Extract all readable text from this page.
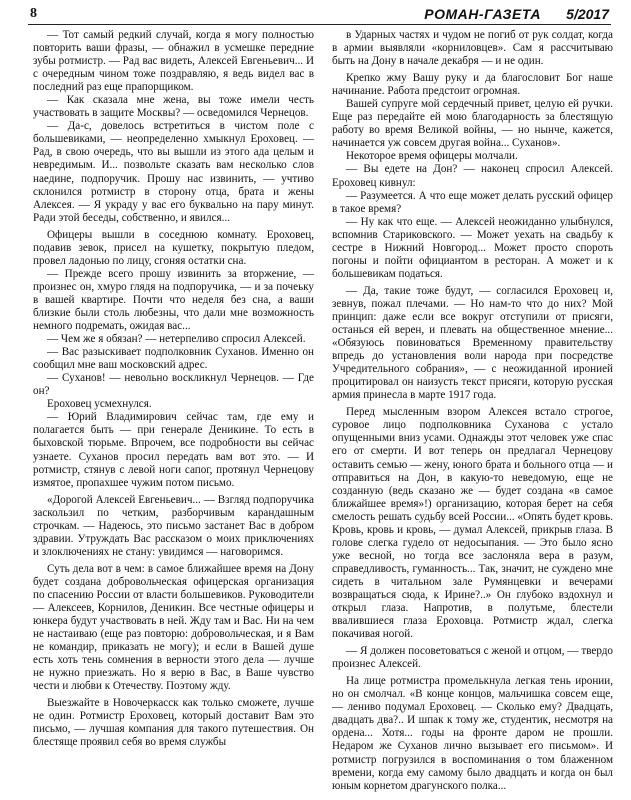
8	РОМАН-ГАЗЕТА 5/2017

— Тот самый редкий случай, когда я могу полностью повторить ваши фразы, — обнажил в усмешке передние зубы ротмистр. — Рад вас видеть, Алексей Евгеньевич... И с очередным чином тоже поздравляю, я ведь видел вас в последний раз еще прапорщиком.

— Как сказала мне жена, вы тоже имели честь участвовать в защите Москвы? — осведомился Чернецов.

— Да-с, довелось встретиться в чистом поле с большевиками, — неопределенно хмыкнул Ероховец. — Рад, в свою очередь, что вы вышли из этого ада целым и невредимым. И... позвольте сказать вам несколько слов наедине, подпоручик. Прошу нас извинить, — учтиво склонился ротмистр в сторону отца, брата и жены Алексея. — Я украду у вас его буквально на пару минут. Ради этой беседы, собственно, и явился...

Офицеры вышли в соседнюю комнату. Ероховец, подавив зевок, присел на кушетку, покрытую пледом, провел ладонью по лицу, сгоняя остатки сна.

— Прежде всего прошу извинить за вторжение, — произнес он, хмуро глядя на подпоручика, — и за почеьку в вашей квартире. Почти что неделя без сна, а ваши близкие были столь любезны, что дали мне возможность немного подремать, ожидая вас...

— Чем же я обязан? — нетерпеливо спросил Алексей.

— Вас разыскивает подполковник Суханов. Именно он сообщил мне ваш московский адрес.

— Суханов! — невольно воскликнул Чернецов. — Где он?

Ероховец усмехнулся.

— Юрий Владимирович сейчас там, где ему и полагается быть — при генерале Деникине. То есть в быховской тюрьме. Впрочем, все подробности вы сейчас узнаете. Суханов просил передать вам вот это. — И ротмистр, стянув с левой ноги сапог, протянул Чернецову измятое, пропахшее чужим потом письмо.

«Дорогой Алексей Евгеньевич... — Взгляд подпоручика заскользил по четким, разборчивым карандашным строчкам. — Надеюсь, это письмо застанет Вас в добром здравии. Утруждать Вас рассказом о моих приключениях и злоключениях не стану: увидимся — наговоримся.

Суть дела вот в чем: в самое ближайшее время на Дону будет создана добровольческая офицерская организация по спасению России от власти большевиков. Руководители — Алексеев, Корнилов, Деникин. Все честные офицеры и юнкера будут участвовать в ней. Жду там и Вас. Ни на чем не настаиваю (еще раз повторю: добровольческая, и я Вам не командир, приказать не могу); и если в Вашей душе есть хоть тень сомнения в верности этого дела — лучше не нужно приезжать. Но я верю в Вас, в Ваше чувство чести и любви к Отечеству. Поэтому жду.

Выезжайте в Новочеркасск как только сможете, лучше не один. Ротмистр Ероховец, который доставит Вам это письмо, — лучшая компания для такого путешествия. Он блестяще проявил себя во время службы

в Ударных частях и чудом не погиб от рук солдат, когда в армии выявляли «корниловцев». Сам я рассчитываю быть на Дону в начале декабря — и не один.

Крепко жму Вашу руку и да благословит Бог наше начинание. Работа предстоит огромная.

Вашей супруге мой сердечный привет, целую ей ручки. Еще раз передайте ей мою благодарность за блестящую работу во время Великой войны, — но нынче, кажется, начинается уж совсем другая война... Суханов».

Некоторое время офицеры молчали.

— Вы едете на Дон? — наконец спросил Алексей. Ероховец кивнул:

— Разумеется. А что еще может делать русский офицер в такое время?

— Ну как что еще. — Алексей неожиданно улыбнулся, вспомнив Стариковского. — Может уехать на свадьбу к сестре в Нижний Новгород... Может просто спороть погоны и пойти официантом в ресторан. А может и к большевикам податься.

— Да, такие тоже будут, — согласился Ероховец и, зевнув, пожал плечами. — Но нам-то что до них? Мой принцип: даже если все вокруг отступили от присяги, останься ей верен, и плевать на общественное мнение... «Обязуюсь повиноваться Временному правительству впредь до установления воли народа при посредстве Учредительного собрания», — с неожиданной иронией процитировал он наизусть текст присяги, которую русская армия принесла в марте 1917 года.

Перед мысленным взором Алексея встало строгое, суровое лицо подполковника Суханова с усталo опущенными вниз усами. Однажды этот человек уже спас его от смерти. И вот теперь он предлагал Чернецову оставить семью — жену, юного брата и больного отца — и отправиться на Дон, в какую-то неведомую, еще не созданную (ведь сказано же — будет создана «в самое ближайшее время»!) организацию, которая берет на себя смелость решать судьбу всей России... «Опять будет кровь. Кровь, кровь и кровь, — думал Алексей, прикрыв глаза. В голове слегка гудело от недосыпания. — Это было ясно уже весной, но тогда все заслоняла вера в разум, справедливость, гуманность... Так, значит, не суждено мне сидеть в читальном зале Румянцевки и вечерами возвращаться сюда, к Ирине?..» Он глубоко вздохнул и открыл глаза. Напротив, в полутьме, блестели ввалившиеся глаза Ероховца. Ротмистр ждал, слегка покачивая ногой.

— Я должен посоветоваться с женой и отцом, — твердо произнес Алексей.

На лице ротмистра промелькнула легкая тень иронии, но он смолчал. «В конце концов, мальчишка совсем еще, — лениво подумал Ероховец. — Сколько ему? Двадцать, двадцать два?.. И шпак к тому же, студентик, несмотря на ордена... Хотя... годы на фронте даром не прошли. Недаром же Суханов лично вызывает его письмом». И ротмистр погрузился в воспоминания о том блаженном времени, когда ему самому было двадцать и когда он был юным корнетом драгунского полка...
